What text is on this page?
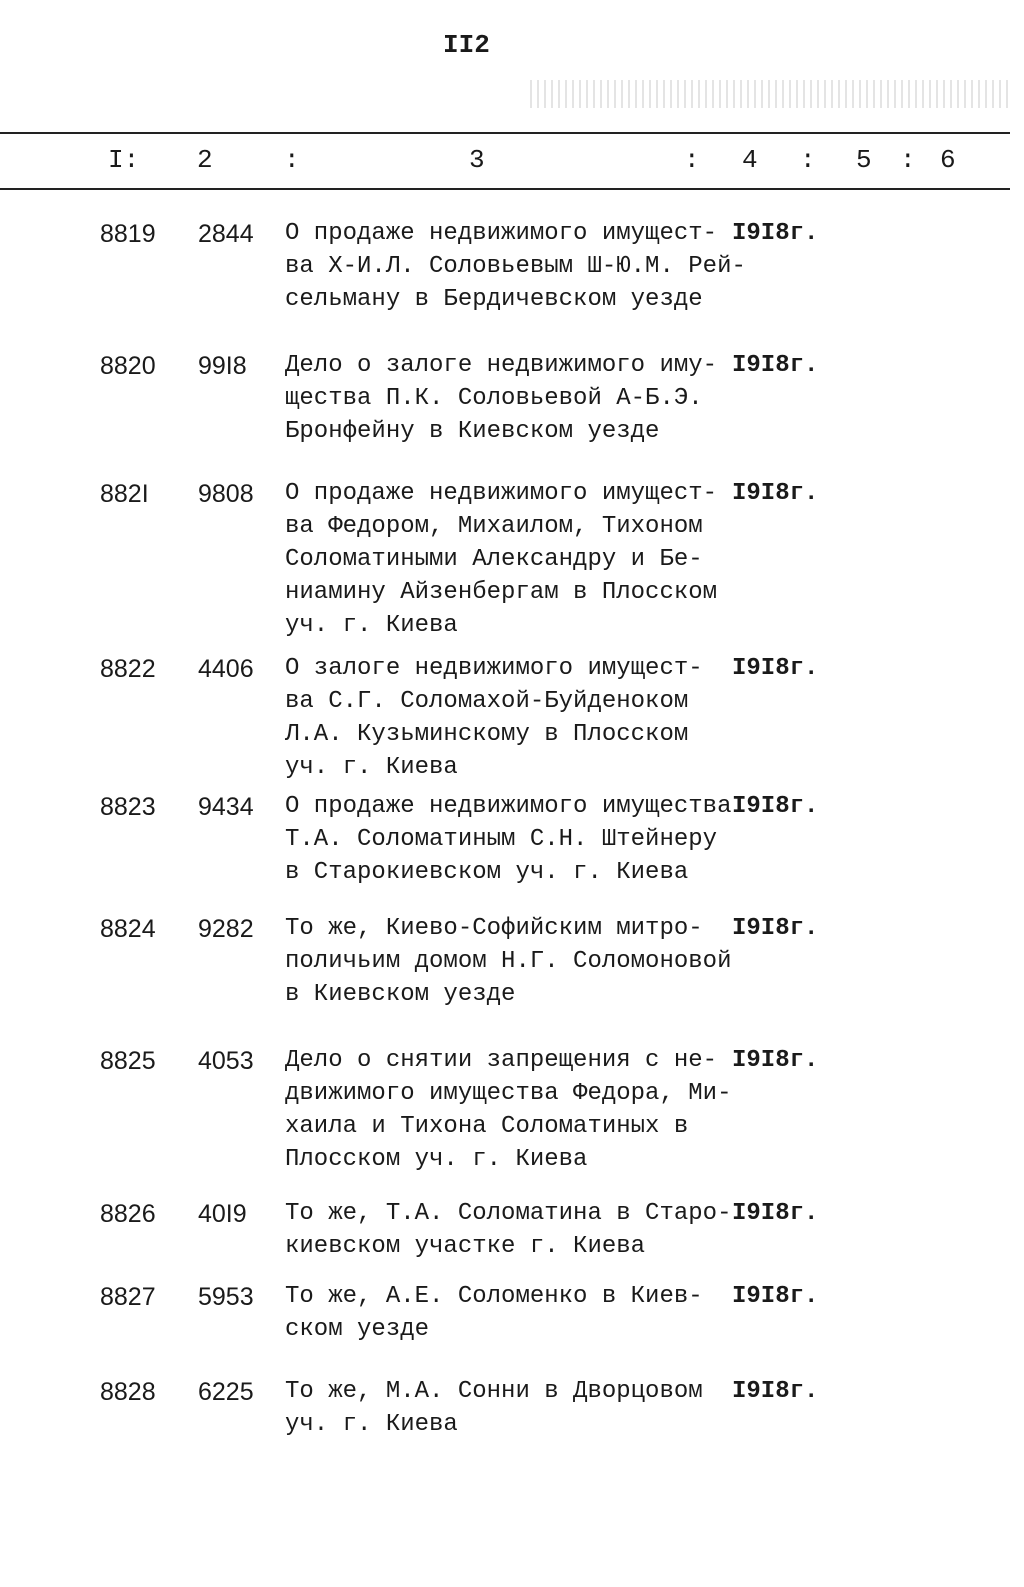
II2
I: 2	:	3	: 4 : 5 : 6
8819 2844 О продаже недвижимого имущест-
ва Х-И.Л. Соловьевым Ш-Ю.М. Рей-
сельману в Бердичевском уезде
I9I8г.
8820 99I8 Дело о залоге недвижимого иму-
щества П.К. Соловьевой А-Б.Э.
Бронфейну в Киевском уезде
I9I8г.
882I 9808 О продаже недвижимого имущест-
ва Федором, Михаилом, Тихоном
Соломатиными Александру и Бе-
ниамину Айзенбергам в Плосском
уч. г. Киева
I9I8г.
8822 4406 О залоге недвижимого имущест-
ва С.Г. Соломахой-Буйденоком
Л.А. Кузьминскому в Плосском
уч. г. Киева
I9I8г.
8823 9434 О продаже недвижимого имущества
Т.А. Соломатиным С.Н. Штейнеру
в Старокиевском уч. г. Киева
I9I8г.
8824 9282 То же, Киево-Софийским митро-
поличьим домом Н.Г. Соломоновой
в Киевском уезде
I9I8г.
8825 4053 Дело о снятии запрещения с не-
движимого имущества Федора, Ми-
хаила и Тихона Соломатиных в
Плосском уч. г. Киева
I9I8г.
8826 40I9 То же, Т.А. Соломатина в Старо-
киевском участке г. Киева
I9I8г.
8827 5953 То же, А.Е. Соломенко в Киев-
ском уезде
I9I8г.
8828 6225 То же, М.А. Сонни в Дворцовом
уч. г. Киева
I9I8г.
